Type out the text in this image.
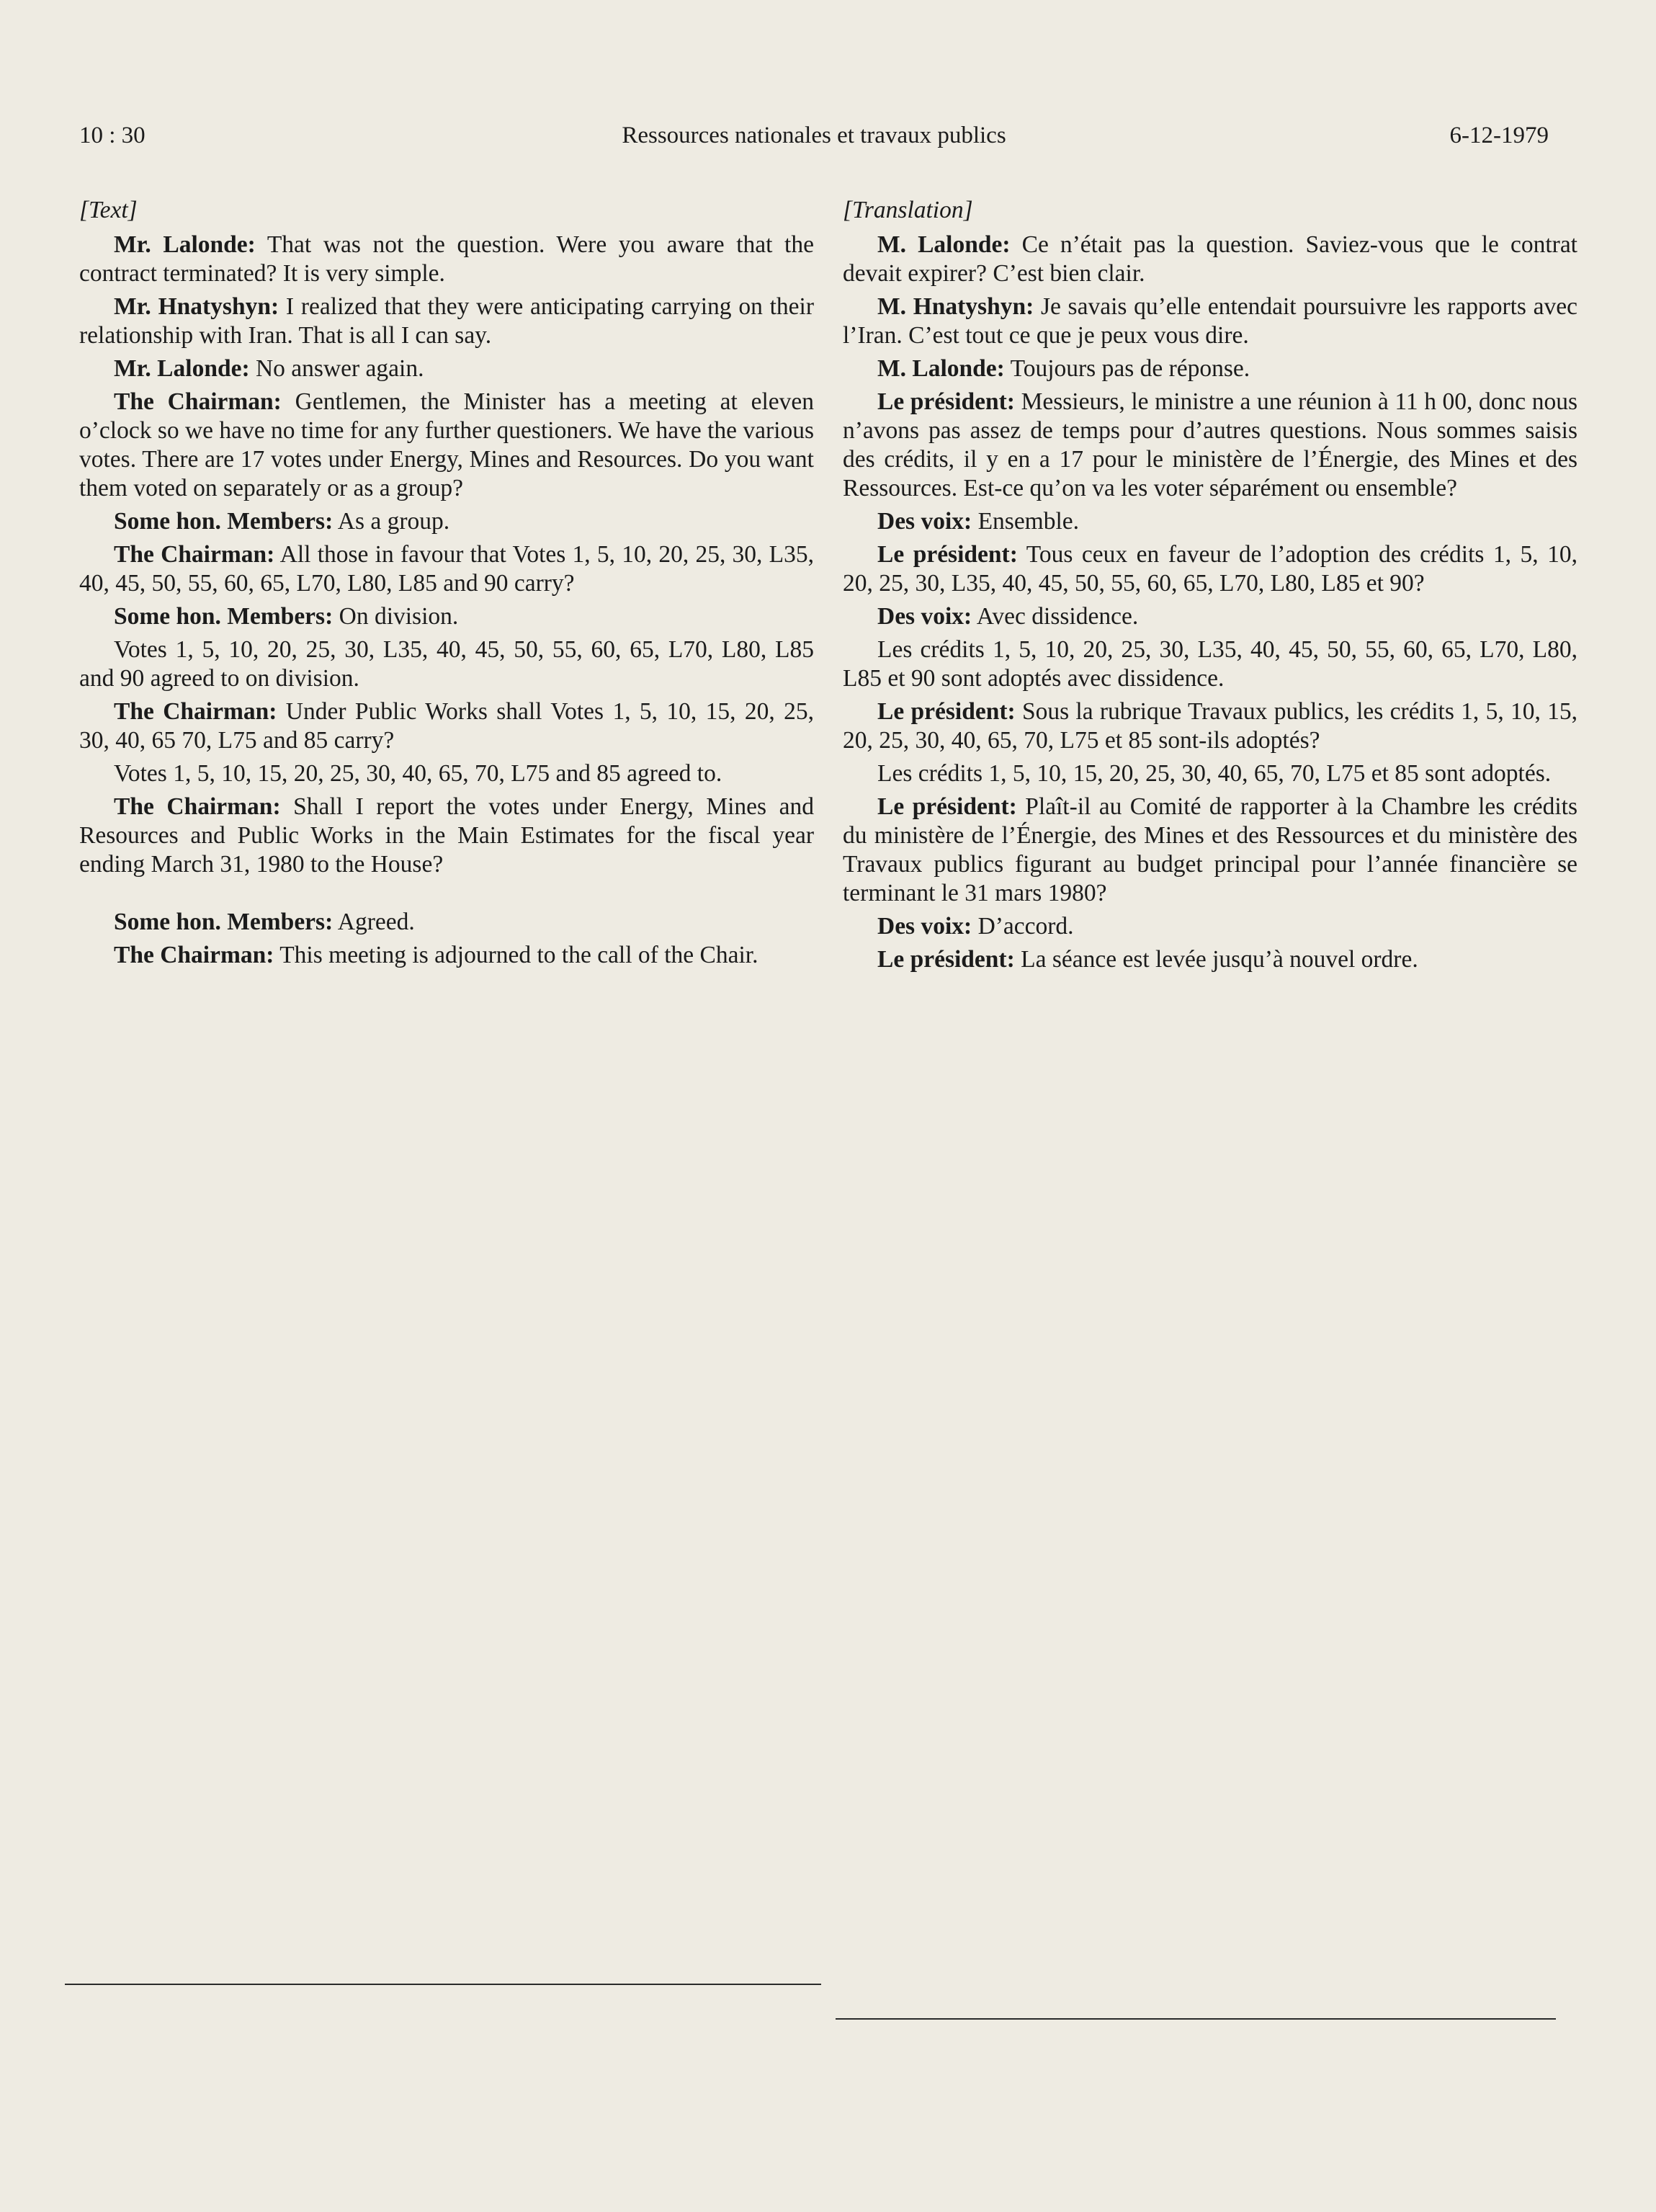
10 : 30	Ressources nationales et travaux publics	6-12-1979

[Text]

Mr. Lalonde: That was not the question. Were you aware that the contract terminated? It is very simple.

Mr. Hnatyshyn: I realized that they were anticipating carrying on their relationship with Iran. That is all I can say.

Mr. Lalonde: No answer again.

The Chairman: Gentlemen, the Minister has a meeting at eleven o’clock so we have no time for any further questioners. We have the various votes. There are 17 votes under Energy, Mines and Resources. Do you want them voted on separately or as a group?

Some hon. Members: As a group.

The Chairman: All those in favour that Votes 1, 5, 10, 20, 25, 30, L35, 40, 45, 50, 55, 60, 65, L70, L80, L85 and 90 carry?

Some hon. Members: On division.

Votes 1, 5, 10, 20, 25, 30, L35, 40, 45, 50, 55, 60, 65, L70, L80, L85 and 90 agreed to on division.

The Chairman: Under Public Works shall Votes 1, 5, 10, 15, 20, 25, 30, 40, 65 70, L75 and 85 carry?

Votes 1, 5, 10, 15, 20, 25, 30, 40, 65, 70, L75 and 85 agreed to.

The Chairman: Shall I report the votes under Energy, Mines and Resources and Public Works in the Main Estimates for the fiscal year ending March 31, 1980 to the House?

Some hon. Members: Agreed.

The Chairman: This meeting is adjourned to the call of the Chair.

[Translation]

M. Lalonde: Ce n’était pas la question. Saviez-vous que le contrat devait expirer? C’est bien clair.

M. Hnatyshyn: Je savais qu’elle entendait poursuivre les rapports avec l’Iran. C’est tout ce que je peux vous dire.

M. Lalonde: Toujours pas de réponse.

Le président: Messieurs, le ministre a une réunion à 11 h 00, donc nous n’avons pas assez de temps pour d’autres questions. Nous sommes saisis des crédits, il y en a 17 pour le ministère de l’Énergie, des Mines et des Ressources. Est-ce qu’on va les voter séparément ou ensemble?

Des voix: Ensemble.

Le président: Tous ceux en faveur de l’adoption des crédits 1, 5, 10, 20, 25, 30, L35, 40, 45, 50, 55, 60, 65, L70, L80, L85 et 90?

Des voix: Avec dissidence.

Les crédits 1, 5, 10, 20, 25, 30, L35, 40, 45, 50, 55, 60, 65, L70, L80, L85 et 90 sont adoptés avec dissidence.

Le président: Sous la rubrique Travaux publics, les crédits 1, 5, 10, 15, 20, 25, 30, 40, 65, 70, L75 et 85 sont-ils adoptés?

Les crédits 1, 5, 10, 15, 20, 25, 30, 40, 65, 70, L75 et 85 sont adoptés.

Le président: Plaît-il au Comité de rapporter à la Chambre les crédits du ministère de l’Énergie, des Mines et des Ressources et du ministère des Travaux publics figurant au budget principal pour l’année financière se terminant le 31 mars 1980?

Des voix: D’accord.

Le président: La séance est levée jusqu’à nouvel ordre.
